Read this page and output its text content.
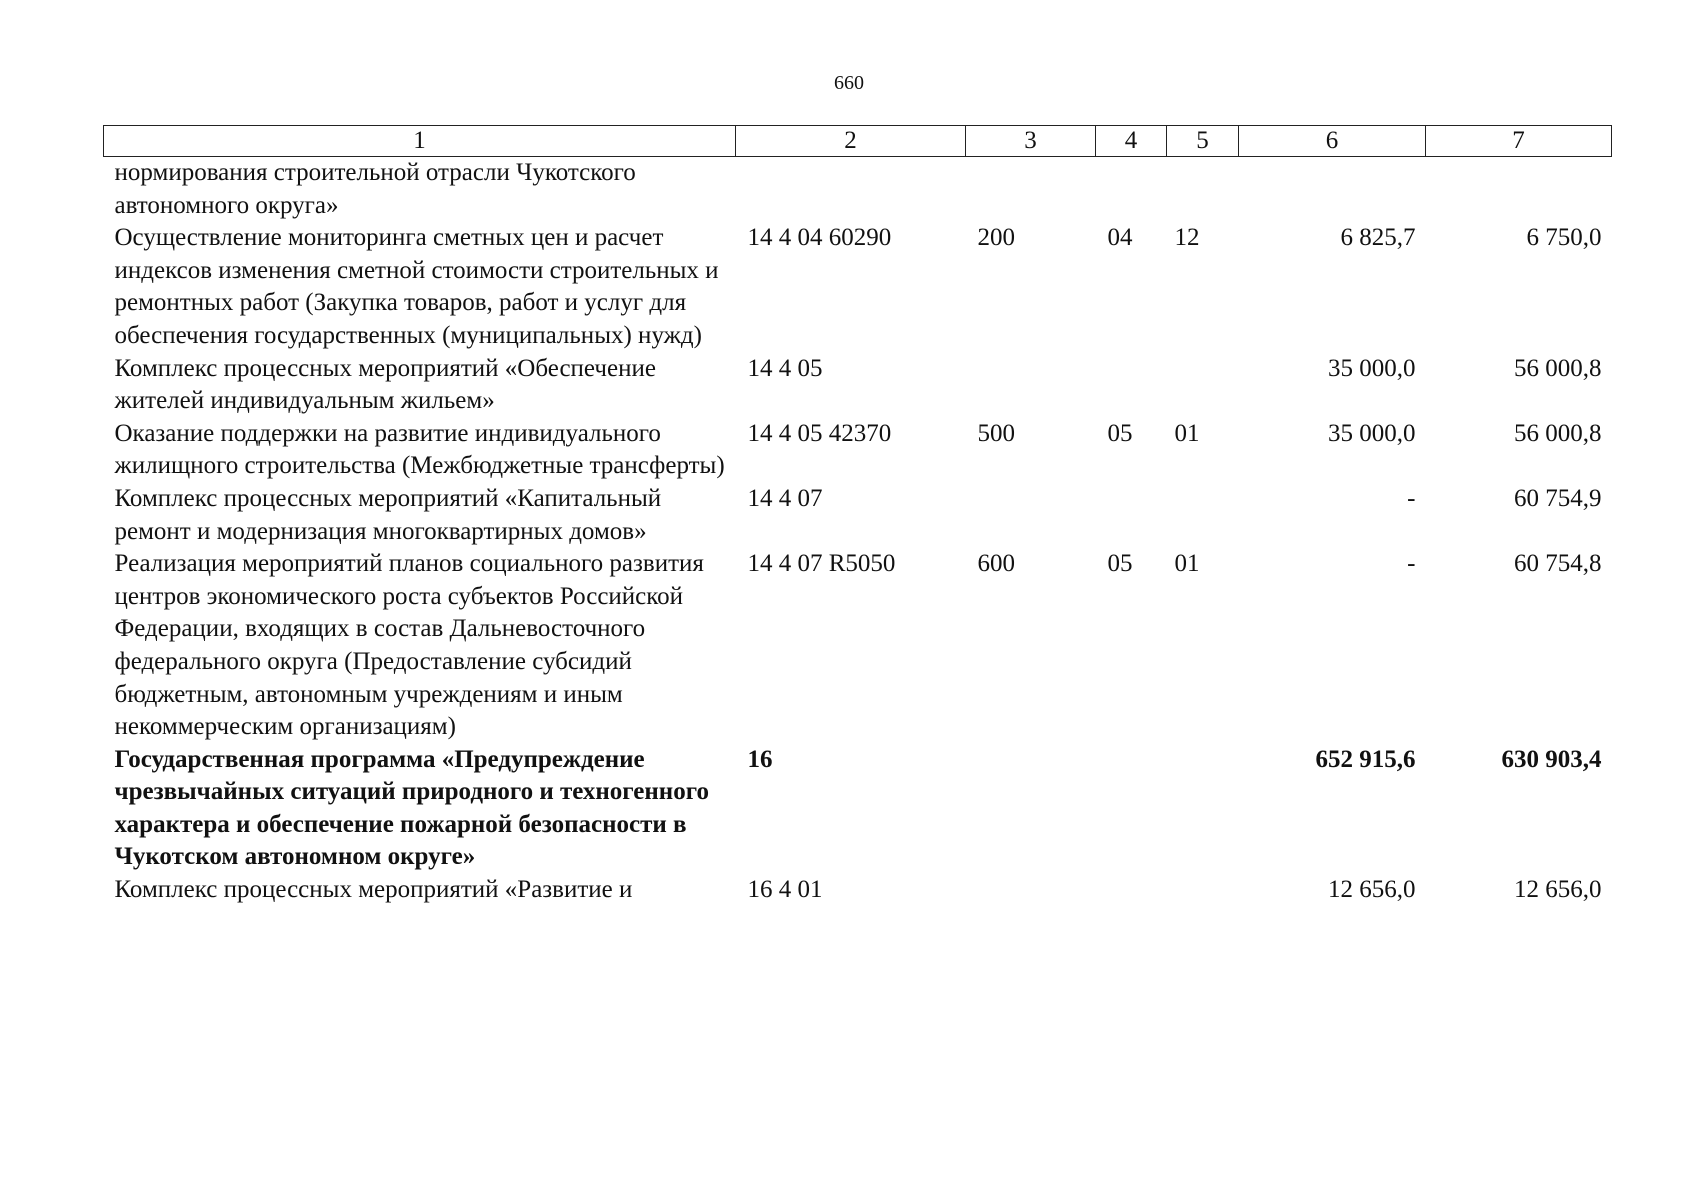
660
1	2	3	4	5	6	7
нормирования строительной отрасли Чукотского автономного округа»						
Осуществление мониторинга сметных цен и расчет индексов изменения сметной стоимости строительных и ремонтных работ (Закупка товаров, работ и услуг для обеспечения государственных (муниципальных) нужд)	14 4 04 60290	200	04	12	6 825,7	6 750,0
Комплекс процессных мероприятий «Обеспечение жителей индивидуальным жильем»	14 4 05				35 000,0	56 000,8
Оказание поддержки на развитие индивидуального жилищного строительства (Межбюджетные трансферты)	14 4 05 42370	500	05	01	35 000,0	56 000,8
Комплекс процессных мероприятий «Капитальный ремонт и модернизация многоквартирных домов»	14 4 07				-	60 754,9
Реализация мероприятий планов социального развития центров экономического роста субъектов Российской Федерации, входящих в состав Дальневосточного федерального округа (Предоставление субсидий бюджетным, автономным учреждениям и иным некоммерческим организациям)	14 4 07 R5050	600	05	01	-	60 754,8
Государственная программа «Предупреждение чрезвычайных ситуаций природного и техногенного характера и обеспечение пожарной безопасности в Чукотском автономном округе»	16				652 915,6	630 903,4
Комплекс процессных мероприятий «Развитие и	16 4 01				12 656,0	12 656,0
